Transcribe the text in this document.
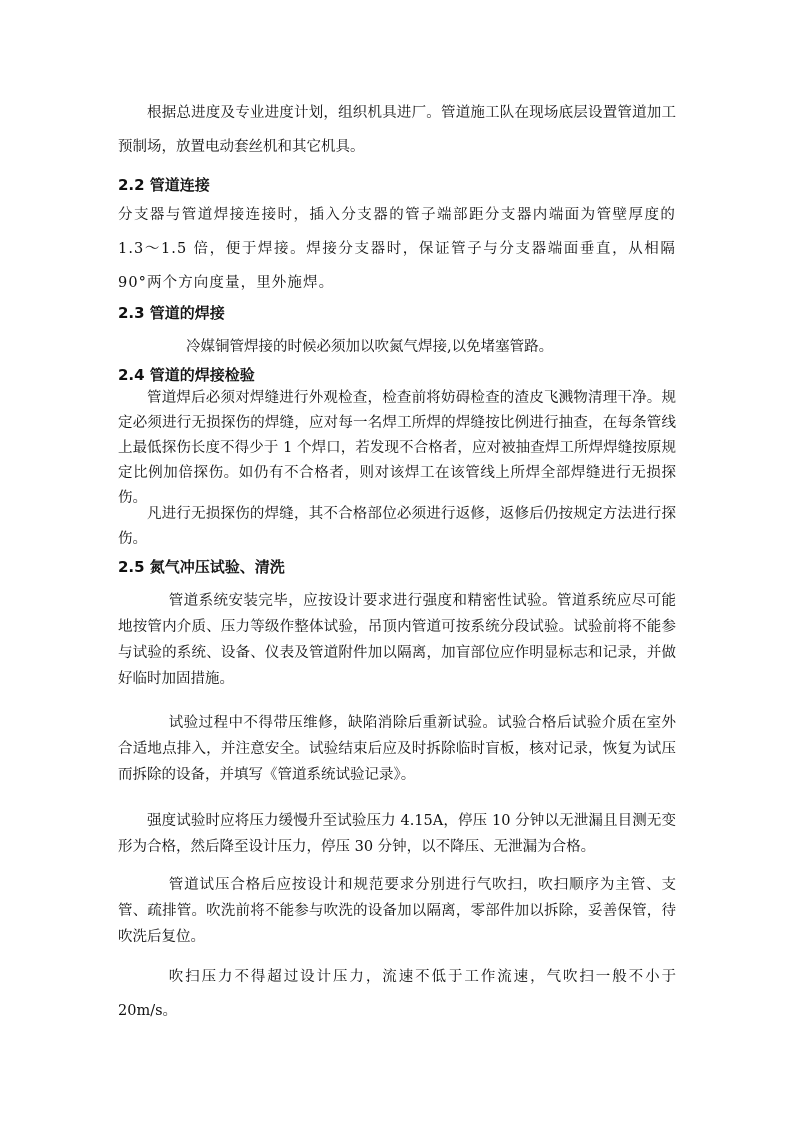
根据总进度及专业进度计划，组织机具进厂。管道施工队在现场底层设置管道加工预制场，放置电动套丝机和其它机具。

2.2 管道连接

分支器与管道焊接连接时，插入分支器的管子端部距分支器内端面为管壁厚度的 1.3～1.5 倍，便于焊接。焊接分支器时，保证管子与分支器端面垂直，从相隔 90°两个方向度量，里外施焊。

2.3 管道的焊接

冷媒铜管焊接的时候必须加以吹氮气焊接,以免堵塞管路。

2.4 管道的焊接检验

管道焊后必须对焊缝进行外观检查，检查前将妨碍检查的渣皮飞溅物清理干净。规定必须进行无损探伤的焊缝，应对每一名焊工所焊的焊缝按比例进行抽查，在每条管线上最低探伤长度不得少于 1 个焊口，若发现不合格者，应对被抽查焊工所焊焊缝按原规定比例加倍探伤。如仍有不合格者，则对该焊工在该管线上所焊全部焊缝进行无损探伤。

凡进行无损探伤的焊缝，其不合格部位必须进行返修，返修后仍按规定方法进行探伤。

2.5 氮气冲压试验、清洗

管道系统安装完毕，应按设计要求进行强度和精密性试验。管道系统应尽可能地按管内介质、压力等级作整体试验，吊顶内管道可按系统分段试验。试验前将不能参与试验的系统、设备、仪表及管道附件加以隔离，加盲部位应作明显标志和记录，并做好临时加固措施。

试验过程中不得带压维修，缺陷消除后重新试验。试验合格后试验介质在室外合适地点排入，并注意安全。试验结束后应及时拆除临时盲板，核对记录，恢复为试压而拆除的设备，并填写《管道系统试验记录》。

强度试验时应将压力缓慢升至试验压力 4.15A，停压 10 分钟以无泄漏且目测无变形为合格，然后降至设计压力，停压 30 分钟，以不降压、无泄漏为合格。

管道试压合格后应按设计和规范要求分别进行气吹扫，吹扫顺序为主管、支管、疏排管。吹洗前将不能参与吹洗的设备加以隔离，零部件加以拆除，妥善保管，待吹洗后复位。

吹扫压力不得超过设计压力，流速不低于工作流速，气吹扫一般不小于 20m/s。
